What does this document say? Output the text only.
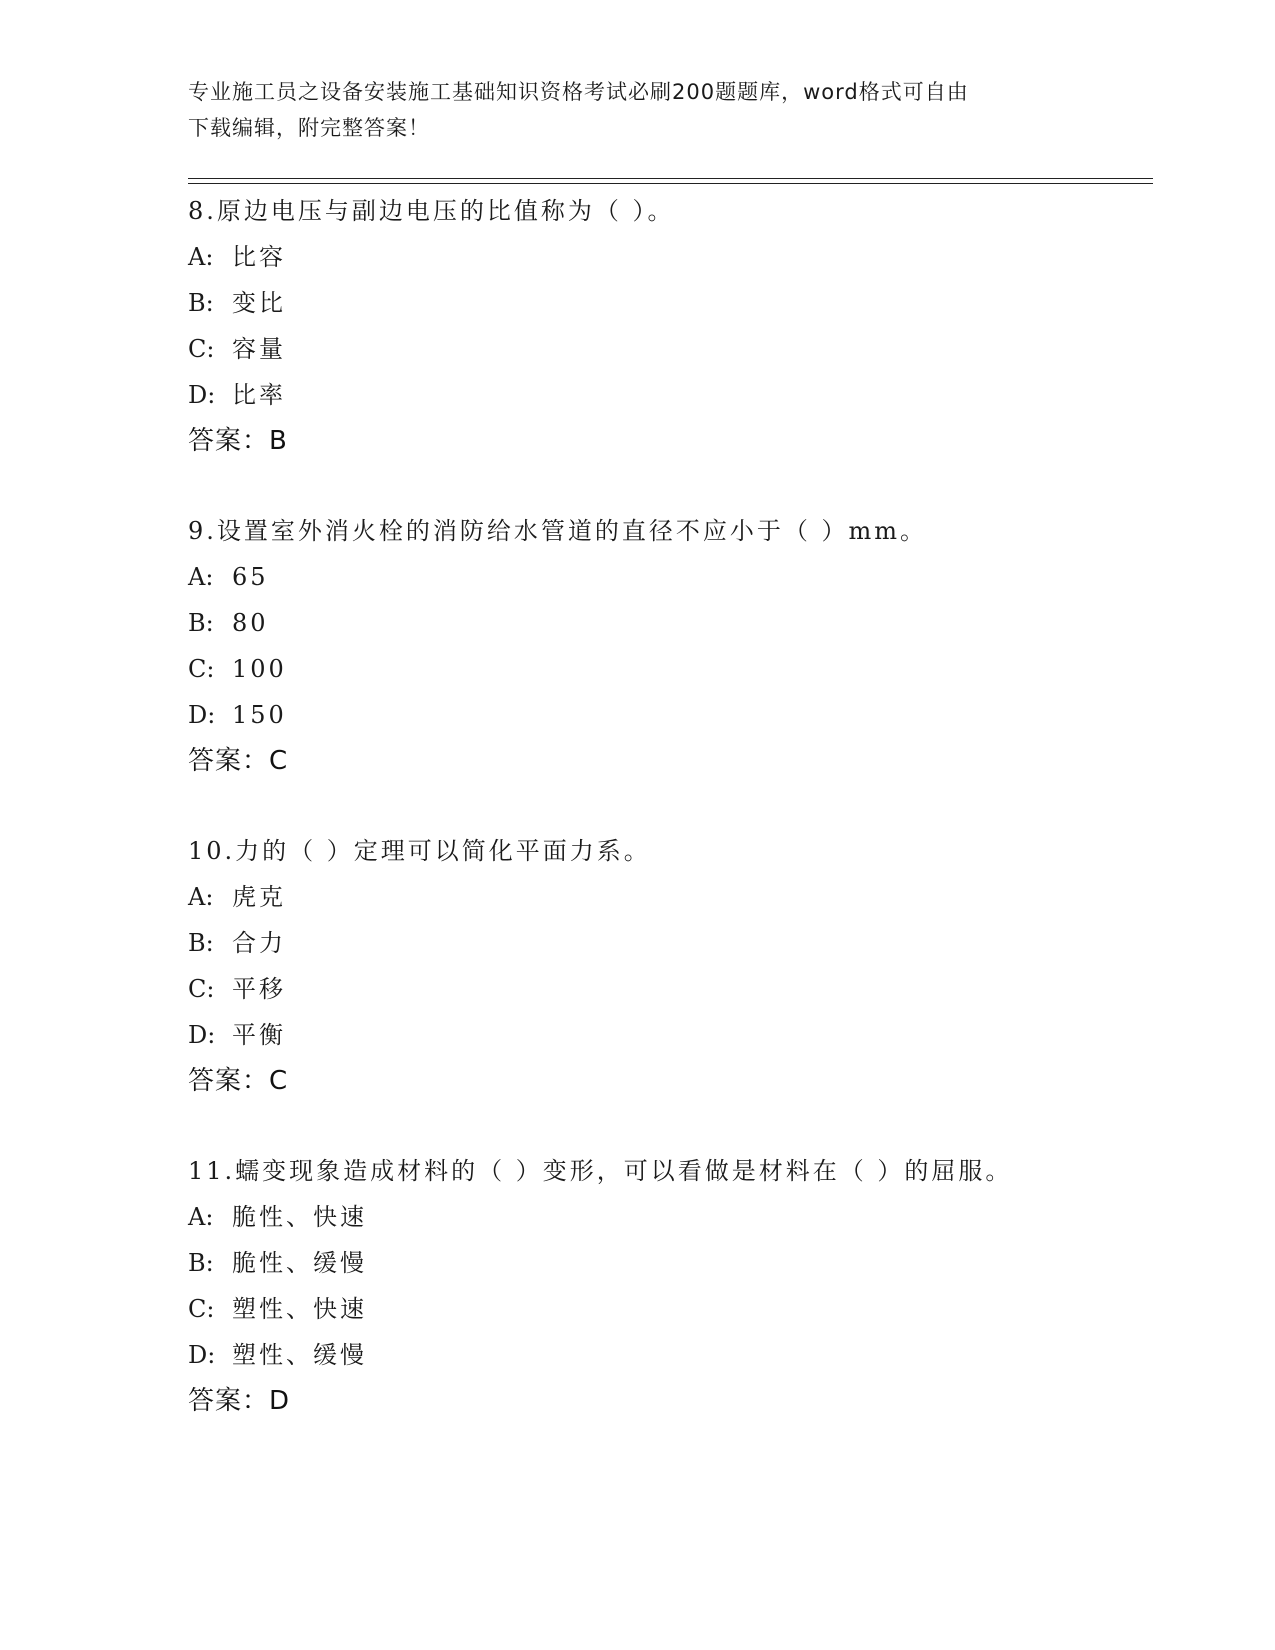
专业施工员之设备安装施工基础知识资格考试必刷200题题库，word格式可自由
下载编辑，附完整答案！
8.原边电压与副边电压的比值称为（ ）。
A: 比容
B: 变比
C: 容量
D: 比率
答案：B
9.设置室外消火栓的消防给水管道的直径不应小于（ ）mm。
A: 65
B: 80
C: 100
D: 150
答案：C
10.力的（ ）定理可以简化平面力系。
A: 虎克
B: 合力
C: 平移
D: 平衡
答案：C
11.蠕变现象造成材料的（ ）变形，可以看做是材料在（ ）的屈服。
A: 脆性、快速
B: 脆性、缓慢
C: 塑性、快速
D: 塑性、缓慢
答案：D
